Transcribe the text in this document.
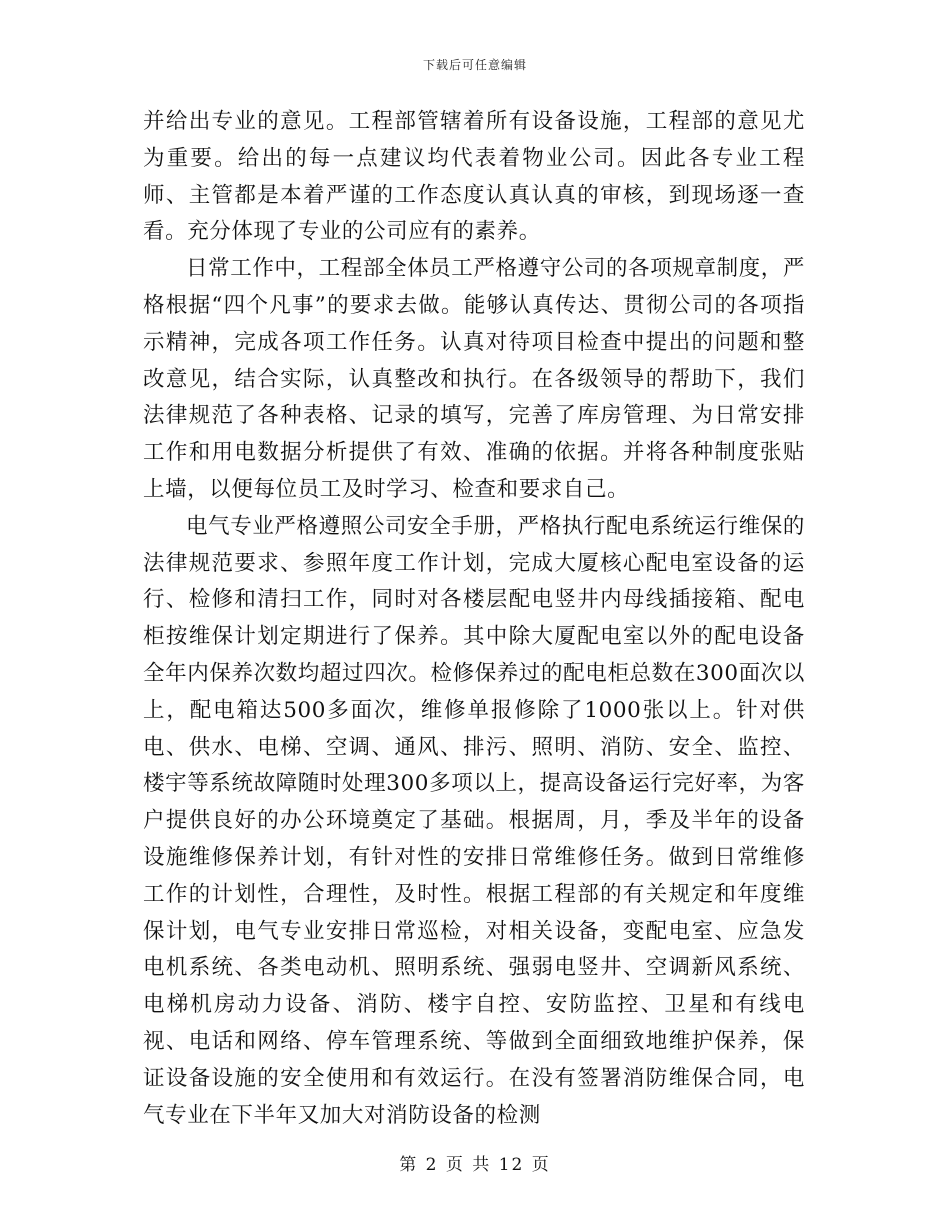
下载后可任意编辑

并给出专业的意见。工程部管辖着所有设备设施，工程部的意见尤为重要。给出的每一点建议均代表着物业公司。因此各专业工程师、主管都是本着严谨的工作态度认真认真的审核，到现场逐一查看。充分体现了专业的公司应有的素养。

日常工作中，工程部全体员工严格遵守公司的各项规章制度，严格根据“四个凡事”的要求去做。能够认真传达、贯彻公司的各项指示精神，完成各项工作任务。认真对待项目检查中提出的问题和整改意见，结合实际，认真整改和执行。在各级领导的帮助下，我们法律规范了各种表格、记录的填写，完善了库房管理、为日常安排工作和用电数据分析提供了有效、准确的依据。并将各种制度张贴上墙，以便每位员工及时学习、检查和要求自己。

电气专业严格遵照公司安全手册，严格执行配电系统运行维保的法律规范要求、参照年度工作计划，完成大厦核心配电室设备的运行、检修和清扫工作，同时对各楼层配电竖井内母线插接箱、配电柜按维保计划定期进行了保养。其中除大厦配电室以外的配电设备全年内保养次数均超过四次。检修保养过的配电柜总数在300面次以上，配电箱达500多面次，维修单报修除了1000张以上。针对供电、供水、电梯、空调、通风、排污、照明、消防、安全、监控、楼宇等系统故障随时处理300多项以上，提高设备运行完好率，为客户提供良好的办公环境奠定了基础。根据周，月，季及半年的设备设施维修保养计划，有针对性的安排日常维修任务。做到日常维修工作的计划性，合理性，及时性。根据工程部的有关规定和年度维保计划，电气专业安排日常巡检，对相关设备，变配电室、应急发电机系统、各类电动机、照明系统、强弱电竖井、空调新风系统、电梯机房动力设备、消防、楼宇自控、安防监控、卫星和有线电视、电话和网络、停车管理系统、等做到全面细致地维护保养，保证设备设施的安全使用和有效运行。在没有签署消防维保合同，电气专业在下半年又加大对消防设备的检测

第 2 页 共 12 页
